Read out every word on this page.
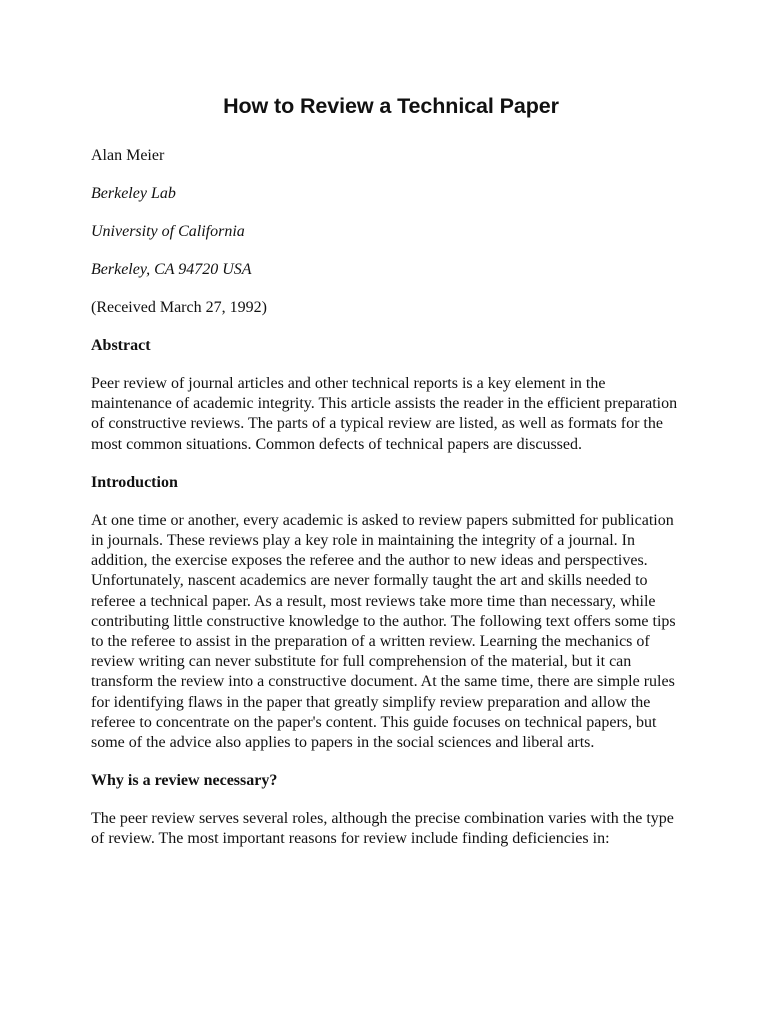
How to Review a Technical Paper

Alan Meier

Berkeley Lab

University of California

Berkeley, CA 94720 USA

(Received March 27, 1992)

Abstract

Peer review of journal articles and other technical reports is a key element in the maintenance of academic integrity. This article assists the reader in the efficient preparation of constructive reviews. The parts of a typical review are listed, as well as formats for the most common situations. Common defects of technical papers are discussed.

Introduction

At one time or another, every academic is asked to review papers submitted for publication in journals. These reviews play a key role in maintaining the integrity of a journal. In addition, the exercise exposes the referee and the author to new ideas and perspectives. Unfortunately, nascent academics are never formally taught the art and skills needed to referee a technical paper. As a result, most reviews take more time than necessary, while contributing little constructive knowledge to the author. The following text offers some tips to the referee to assist in the preparation of a written review. Learning the mechanics of review writing can never substitute for full comprehension of the material, but it can transform the review into a constructive document. At the same time, there are simple rules for identifying flaws in the paper that greatly simplify review preparation and allow the referee to concentrate on the paper's content. This guide focuses on technical papers, but some of the advice also applies to papers in the social sciences and liberal arts.

Why is a review necessary?

The peer review serves several roles, although the precise combination varies with the type of review. The most important reasons for review include finding deficiencies in:
